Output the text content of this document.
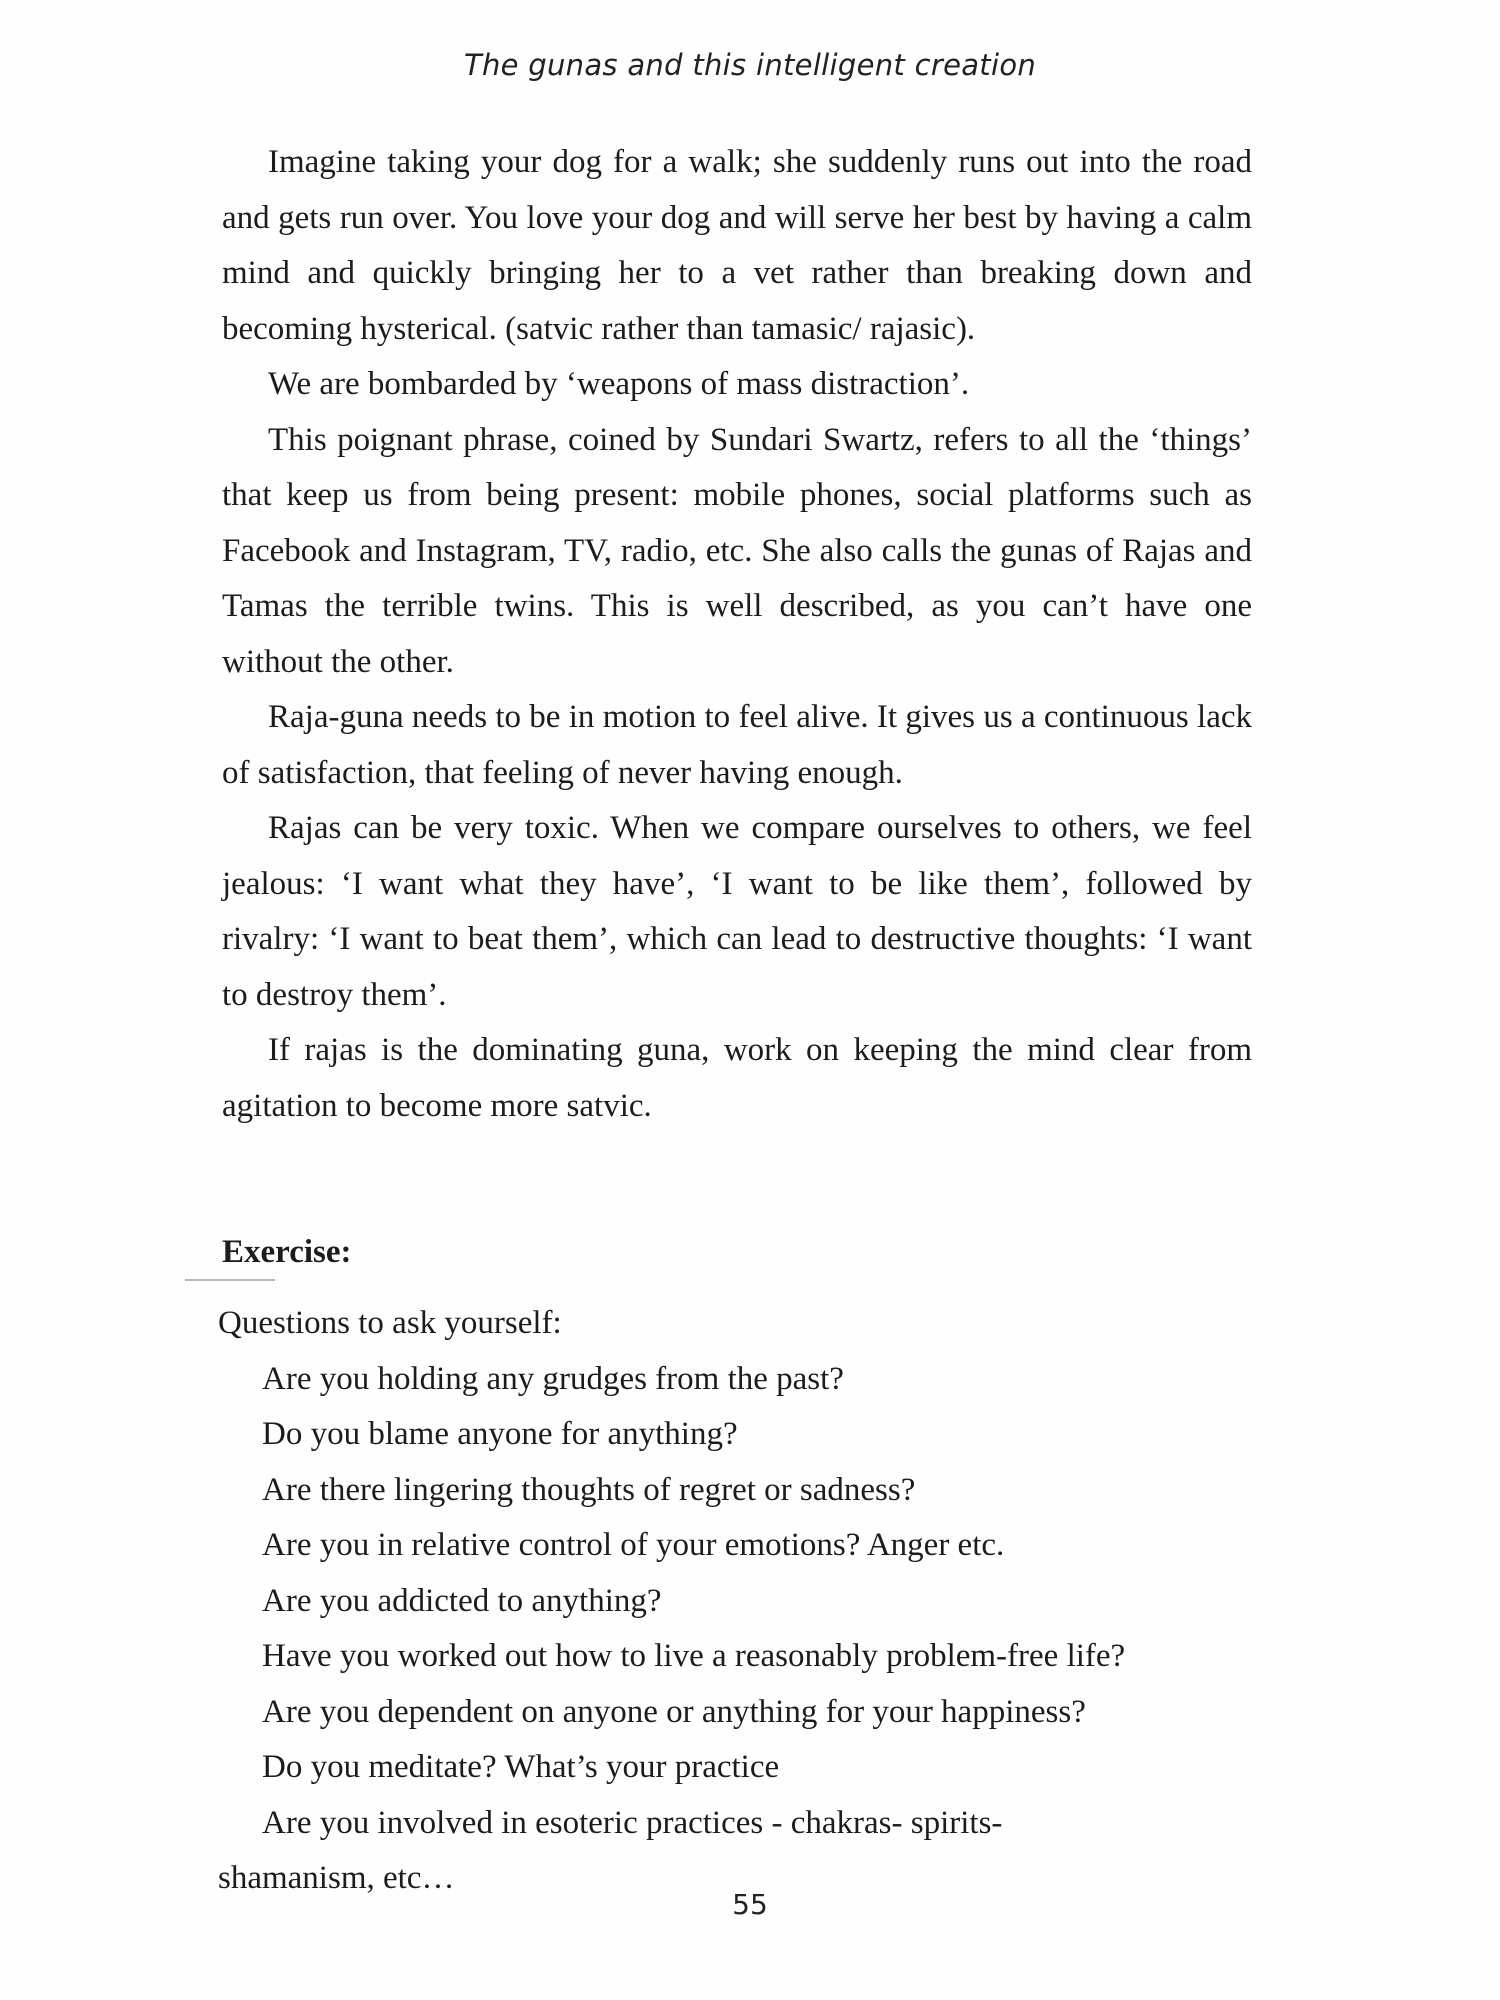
The gunas and this intelligent creation

Imagine taking your dog for a walk; she suddenly runs out into the road and gets run over. You love your dog and will serve her best by having a calm mind and quickly bringing her to a vet rather than breaking down and becoming hysterical. (satvic rather than tamasic/ rajasic).

We are bombarded by ‘weapons of mass distraction’.

This poignant phrase, coined by Sundari Swartz, refers to all the ‘things’ that keep us from being present: mobile phones, social platforms such as Facebook and Instagram, TV, radio, etc. She also calls the gunas of Rajas and Tamas the terrible twins. This is well described, as you can’t have one without the other.

Raja-guna needs to be in motion to feel alive. It gives us a continuous lack of satisfaction, that feeling of never having enough.

Rajas can be very toxic. When we compare ourselves to others, we feel jealous: ‘I want what they have’, ‘I want to be like them’, followed by rivalry: ‘I want to beat them’, which can lead to destructive thoughts: ‘I want to destroy them’.

If rajas is the dominating guna, work on keeping the mind clear from agitation to become more satvic.

Exercise:

Questions to ask yourself:

Are you holding any grudges from the past?
Do you blame anyone for anything?
Are there lingering thoughts of regret or sadness?
Are you in relative control of your emotions? Anger etc.
Are you addicted to anything?
Have you worked out how to live a reasonably problem-free life?
Are you dependent on anyone or anything for your happiness?
Do you meditate? What’s your practice
Are you involved in esoteric practices - chakras- spirits-
shamanism, etc…
55
